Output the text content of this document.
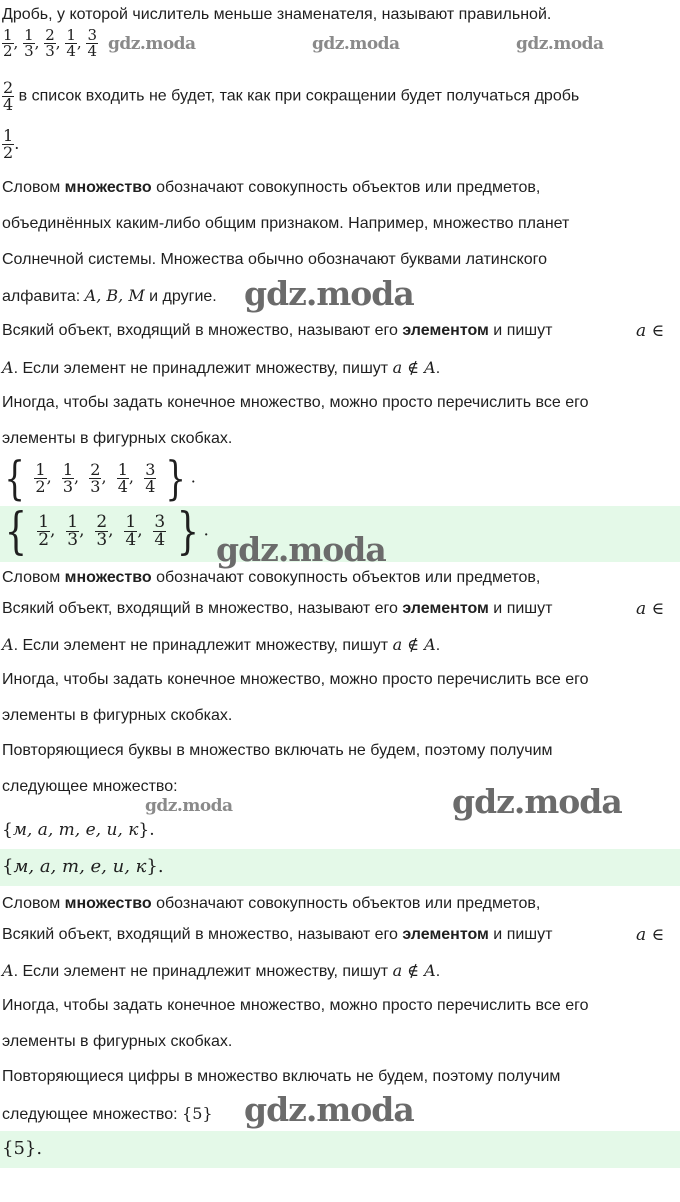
Дробь, у которой числитель меньше знаменателя, называют правильной.
$\frac{1}{2}$ , $\frac{1}{3}$ , $\frac{2}{3}$ , $\frac{1}{4}$ , $\frac{3}{4}$ gdz.moda	gdz.moda	gdz.moda
$\frac{2}{4}$ в список входить не будет, так как при сокращении будет получаться дробь
$\frac{1}{2}$ .
Словом множество обозначают совокупность объектов или предметов,
объединённых каким-либо общим признаком. Например, множество планет
Солнечной системы. Множества обычно обозначают буквами латинского
алфавита: A, B, M и другие. gdz.moda
Всякий объект, входящий в множество, называют его элементом и пишут	a ∈
A. Если элемент не принадлежит множеству, пишут a ∉ A.
Иногда, чтобы задать конечное множество, можно просто перечислить все его
элементы в фигурных скобках.
{ $\frac{1}{2}$ , $\frac{1}{3}$ , $\frac{2}{3}$ , $\frac{1}{4}$ , $\frac{3}{4}$ } .
{ $\frac{1}{2}$ , $\frac{1}{3}$ , $\frac{2}{3}$ , $\frac{1}{4}$ , $\frac{3}{4}$ } . gdz.moda
Словом множество обозначают совокупность объектов или предметов,
Всякий объект, входящий в множество, называют его элементом и пишут	a ∈
A. Если элемент не принадлежит множеству, пишут a ∉ A.
Иногда, чтобы задать конечное множество, можно просто перечислить все его
элементы в фигурных скобках.
Повторяющиеся буквы в множество включать не будем, поэтому получим
следующее множество:
gdz.moda	gdz.moda
{м, а, т, е, и, к}.
{м, а, т, е, и, к}.
Словом множество обозначают совокупность объектов или предметов,
Всякий объект, входящий в множество, называют его элементом и пишут	a ∈
A. Если элемент не принадлежит множеству, пишут a ∉ A.
Иногда, чтобы задать конечное множество, можно просто перечислить все его
элементы в фигурных скобках.
Повторяющиеся цифры в множество включать не будем, поэтому получим
следующее множество: {5} gdz.moda
{5}.
